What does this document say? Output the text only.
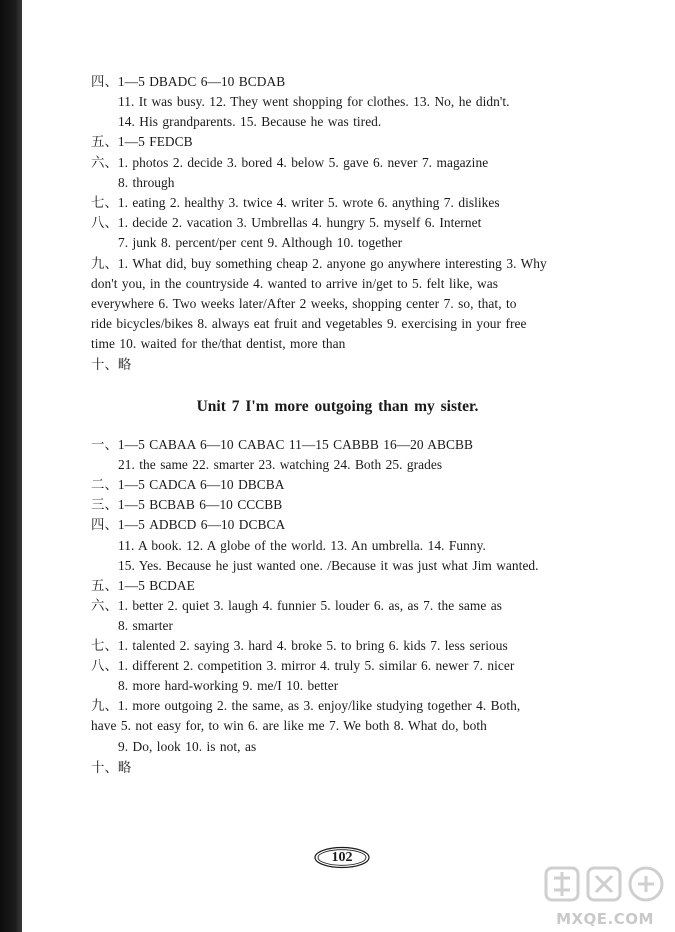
四、1—5 DBADC 6—10 BCDAB
11. It was busy. 12. They went shopping for clothes. 13. No, he didn't.
14. His grandparents. 15. Because he was tired.
五、1—5 FEDCB
六、1. photos 2. decide 3. bored 4. below 5. gave 6. never 7. magazine
8. through
七、1. eating 2. healthy 3. twice 4. writer 5. wrote 6. anything 7. dislikes
八、1. decide 2. vacation 3. Umbrellas 4. hungry 5. myself 6. Internet
7. junk 8. percent/per cent 9. Although 10. together
九、1. What did, buy something cheap 2. anyone go anywhere interesting 3. Why
don't you, in the countryside 4. wanted to arrive in/get to 5. felt like, was
everywhere 6. Two weeks later/After 2 weeks, shopping center 7. so, that, to
ride bicycles/bikes 8. always eat fruit and vegetables 9. exercising in your free
time 10. waited for the/that dentist, more than
十、略
Unit 7 I'm more outgoing than my sister.
一、1—5 CABAA 6—10 CABAC 11—15 CABBB 16—20 ABCBB
21. the same 22. smarter 23. watching 24. Both 25. grades
二、1—5 CADCA 6—10 DBCBA
三、1—5 BCBAB 6—10 CCCBB
四、1—5 ADBCD 6—10 DCBCA
11. A book. 12. A globe of the world. 13. An umbrella. 14. Funny.
15. Yes. Because he just wanted one. /Because it was just what Jim wanted.
五、1—5 BCDAE
六、1. better 2. quiet 3. laugh 4. funnier 5. louder 6. as, as 7. the same as
8. smarter
七、1. talented 2. saying 3. hard 4. broke 5. to bring 6. kids 7. less serious
八、1. different 2. competition 3. mirror 4. truly 5. similar 6. newer 7. nicer
8. more hard-working 9. me/I 10. better
九、1. more outgoing 2. the same, as 3. enjoy/like studying together 4. Both,
have 5. not easy for, to win 6. are like me 7. We both 8. What do, both
9. Do, look 10. is not, as
十、略
102
MXQE.COM
